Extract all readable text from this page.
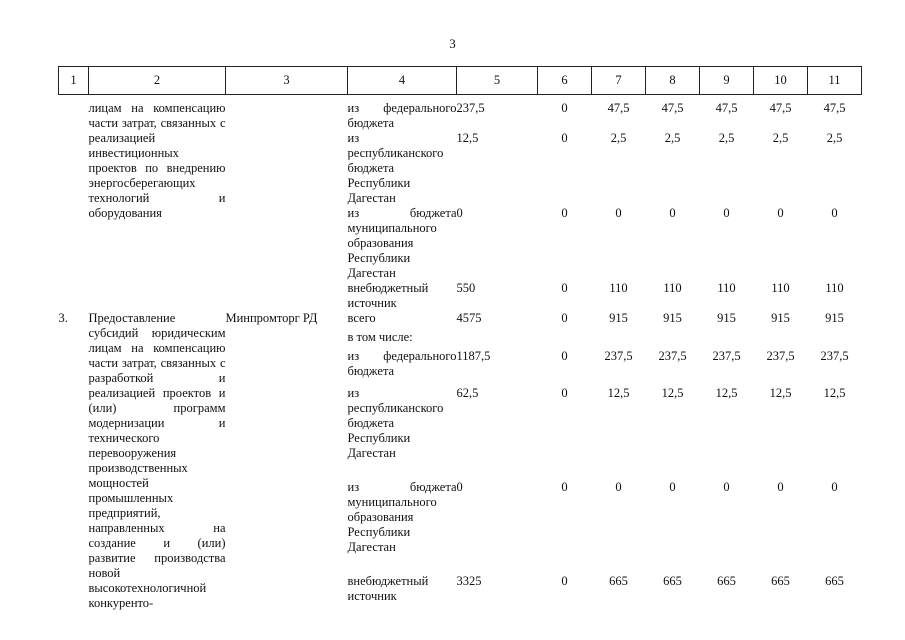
3
1	2	3	4	5	6	7	8	9	10	11
	лицам на компенсацию части затрат, связанных с реализацией инвестиционных проектов по внедрению энергосберегающих технологий и оборудования		из федерального бюджета	237,5	0	47,5	47,5	47,5	47,5	47,5
			из республиканского бюджета Республики Дагестан	12,5	0	2,5	2,5	2,5	2,5	2,5
			из бюджета муниципального образования Республики Дагестан	0	0	0	0	0	0	0
			внебюджетный источник	550	0	110	110	110	110	110
3.	Предоставление субсидий юридическим лицам на компенсацию части затрат, связанных с разработкой и реализацией проектов и (или) программ модернизации и технического перевооружения производственных мощностей промышленных предприятий, направленных на создание и (или) развитие производства новой высокотехнологичной конкуренто-	Минпромторг РД	всего	4575	0	915	915	915	915	915
			в том числе:							
			из федерального бюджета	1187,5	0	237,5	237,5	237,5	237,5	237,5
			из республиканского бюджета Республики Дагестан	62,5	0	12,5	12,5	12,5	12,5	12,5
			из бюджета муниципального образования Республики Дагестан	0	0	0	0	0	0	0
			внебюджетный источник	3325	0	665	665	665	665	665
